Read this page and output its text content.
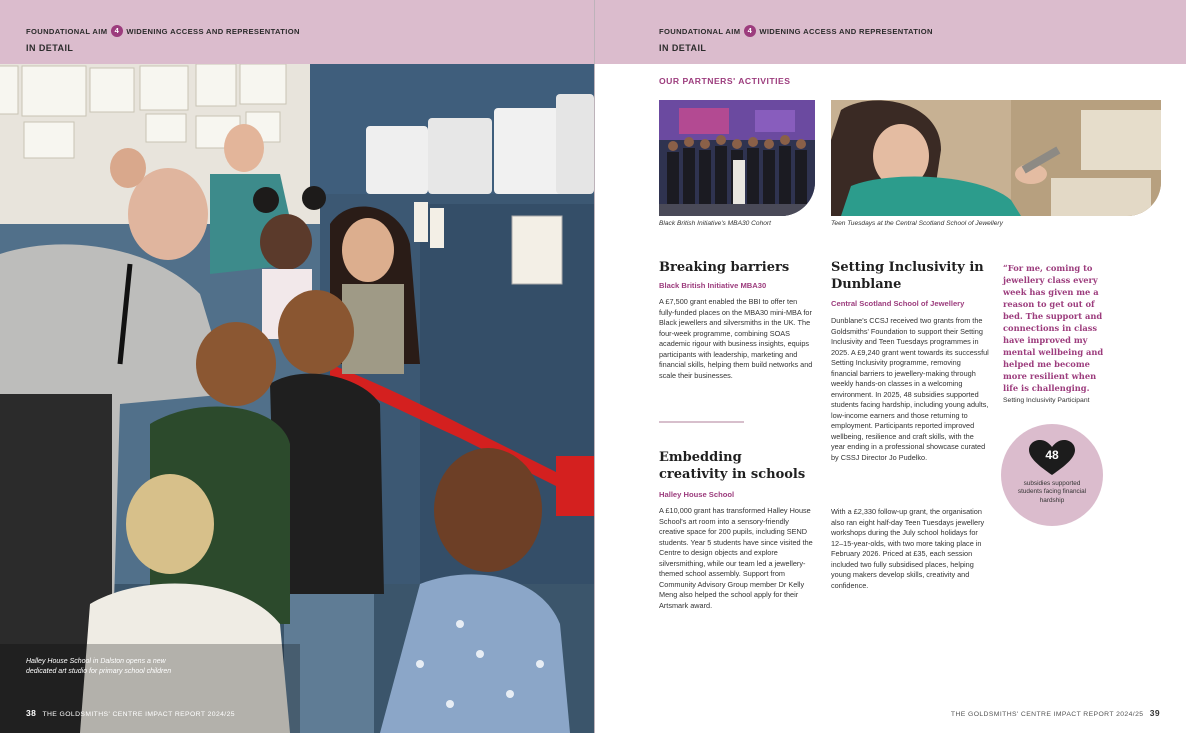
FOUNDATIONAL AIM 4 WIDENING ACCESS AND REPRESENTATION
IN DETAIL
Halley House School in Dalston opens a new dedicated art studio for primary school children
38 THE GOLDSMITHS' CENTRE IMPACT REPORT 2024/25
FOUNDATIONAL AIM 4 WIDENING ACCESS AND REPRESENTATION
IN DETAIL
OUR PARTNERS' ACTIVITIES
Black British Initiative's MBA30 Cohort	Teen Tuesdays at the Central Scotland School of Jewellery
Breaking barriers
Black British Initiative MBA30
A £7,500 grant enabled the BBI to offer ten fully-funded places on the MBA30 mini-MBA for Black jewellers and silversmiths in the UK. The four-week programme, combining SOAS academic rigour with business insights, equips participants with leadership, marketing and financial skills, helping them build networks and scale their businesses.
Embedding creativity in schools
Halley House School
A £10,000 grant has transformed Halley House School's art room into a sensory-friendly creative space for 200 pupils, including SEND students. Year 5 students have since visited the Centre to design objects and explore silversmithing, while our team led a jewellery-themed school assembly. Support from Community Advisory Group member Dr Kelly Meng also helped the school apply for their Artsmark award.
Setting Inclusivity in Dunblane
Central Scotland School of Jewellery
Dunblane's CCSJ received two grants from the Goldsmiths' Foundation to support their Setting Inclusivity and Teen Tuesdays programmes in 2025. A £9,240 grant went towards its successful Setting Inclusivity programme, removing financial barriers to jewellery-making through weekly hands-on classes in a welcoming environment. In 2025, 48 subsidies supported students facing hardship, including young adults, low-income earners and those returning to employment. Participants reported improved wellbeing, resilience and craft skills, with the year ending in a professional showcase curated by CSSJ Director Jo Pudelko.
With a £2,330 follow-up grant, the organisation also ran eight half-day Teen Tuesdays jewellery workshops during the July school holidays for 12–15-year-olds, with two more taking place in February 2026. Priced at £35, each session included two fully subsidised places, helping young makers develop skills, creativity and confidence.
“For me, coming to jewellery class every week has given me a reason to get out of bed. The support and connections in class have improved my mental wellbeing and helped me become more resilient when life is challenging.
Setting Inclusivity Participant
48
subsidies supported students facing financial hardship
THE GOLDSMITHS' CENTRE IMPACT REPORT 2024/25 39
